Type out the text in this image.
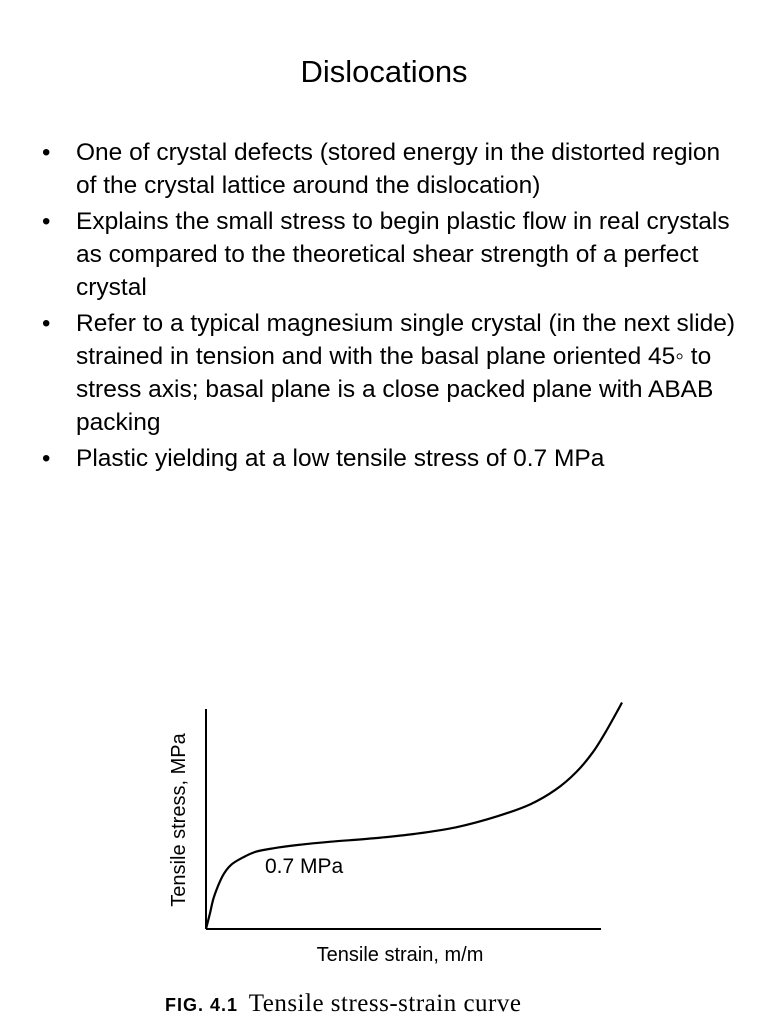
Dislocations
• One of crystal defects (stored energy in the distorted region of the crystal lattice around the dislocation)
• Explains the small stress to begin plastic flow in real crystals as compared to the theoretical shear strength of a perfect crystal
• Refer to a typical magnesium single crystal (in the next slide) strained in tension and with the basal plane oriented 45◦ to stress axis; basal plane is a close packed plane with ABAB packing
• Plastic yielding at a low tensile stress of 0.7 MPa
0.7 MPa
Tensile stress, MPa
Tensile strain, m/m
FIG. 4.1 Tensile stress-strain curve
